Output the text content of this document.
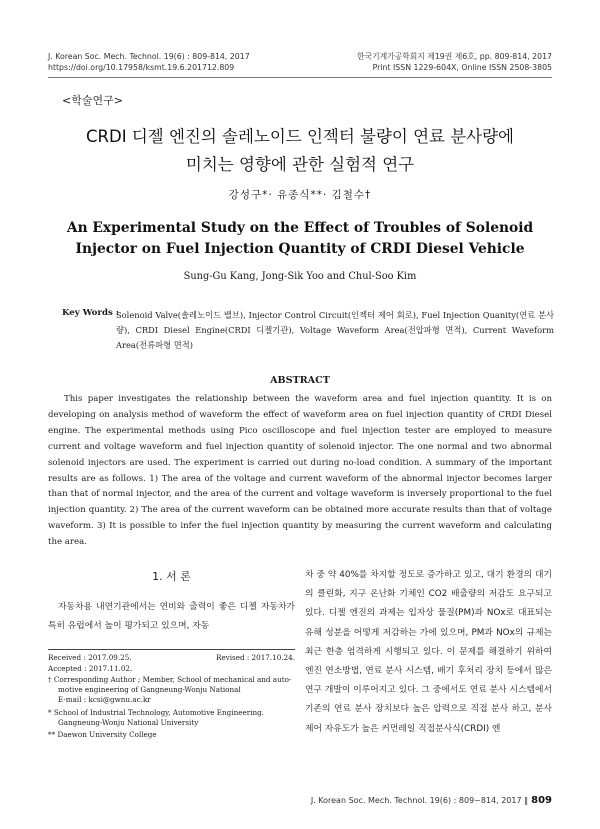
J. Korean Soc. Mech. Technol. 19(6) : 809-814, 2017
https://doi.org/10.17958/ksmt.19.6.201712.809
한국기계가공학회지 제19권 제6호, pp. 809-814, 2017
Print ISSN 1229-604X, Online ISSN 2508-3805
<학술연구>
CRDI 디젤 엔진의 솔레노이드 인젝터 불량이 연료 분사량에
미치는 영향에 관한 실험적 연구
강성구*· 유종식**· 김철수†
An Experimental Study on the Effect of Troubles of Solenoid
Injector on Fuel Injection Quantity of CRDI Diesel Vehicle
Sung-Gu Kang, Jong-Sik Yoo and Chul-Soo Kim
Key Words :
Solenoid Valve(솔레노이드 밸브), Injector Control Circuit(인젝터 제어 회로), Fuel Injection Quanity(연료 분사량), CRDI Diesel Engine(CRDI 디젤기관), Voltage Waveform Area(전압파형 면적), Current Waveform Area(전류파형 면적)
ABSTRACT
This paper investigates the relationship between the waveform area and fuel injection quantity. It is on developing on analysis method of waveform the effect of waveform area on fuel injection quantity of CRDI Diesel engine. The experimental methods using Pico oscilloscope and fuel injection tester are employed to measure current and voltage waveform and fuel injection quantity of solenoid injector. The one normal and two abnormal solenoid injectors are used. The experiment is carried out during no-load condition. A summary of the important results are as follows. 1) The area of the voltage and current waveform of the abnormal injector becomes larger than that of normal injector, and the area of the current and voltage waveform is inversely proportional to the fuel injection quantity. 2) The area of the current waveform can be obtained more accurate results than that of voltage waveform. 3) It is possible to infer the fuel injection quantity by measuring the current waveform and calculating the area.
1. 서 론
자동차용 내연기관에서는 연비와 출력이 좋은 디젤 자동차가 특히 유럽에서 높이 평가되고 있으며, 자동
차 중 약 40%를 차지할 정도로 증가하고 있고, 대기 환경의 대기의 클린화, 지구 온난화 기체인 CO2 배출량의 저감도 요구되고 있다. 디젤 엔진의 과제는 입자상 물질(PM)과 NOx로 대표되는 유해 성분을 어떻게 저감하는 가에 있으며, PM과 NOx의 규제는 최근 한층 엄격하게 시행되고 있다. 이 문제를 해결하기 위하여 엔진 연소방법, 연료 분사 시스템, 배기 후처리 장치 등에서 많은 연구 개발이 이루어지고 있다. 그 중에서도 연료 분사 시스템에서 기존의 연료 분사 장치보다 높은 압력으로 직접 분사 하고, 분사 제어 자유도가 높은 커먼레일 직접분사식(CRDI) 엔
Received : 2017.09.25.	Revised : 2017.10.24.
Accepted : 2017.11.02.
† Corresponding Author ; Member, School of mechanical and auto-
motive engineering of Gangneung-Wonju National
E-mail : kcsi@gwnu.ac.kr
* School of Industrial Technology, Automotive Engineering.
Gangneung-Wonju National University
** Daewon University College
J. Korean Soc. Mech. Technol. 19(6) : 809~814, 2017 ‖ 809
